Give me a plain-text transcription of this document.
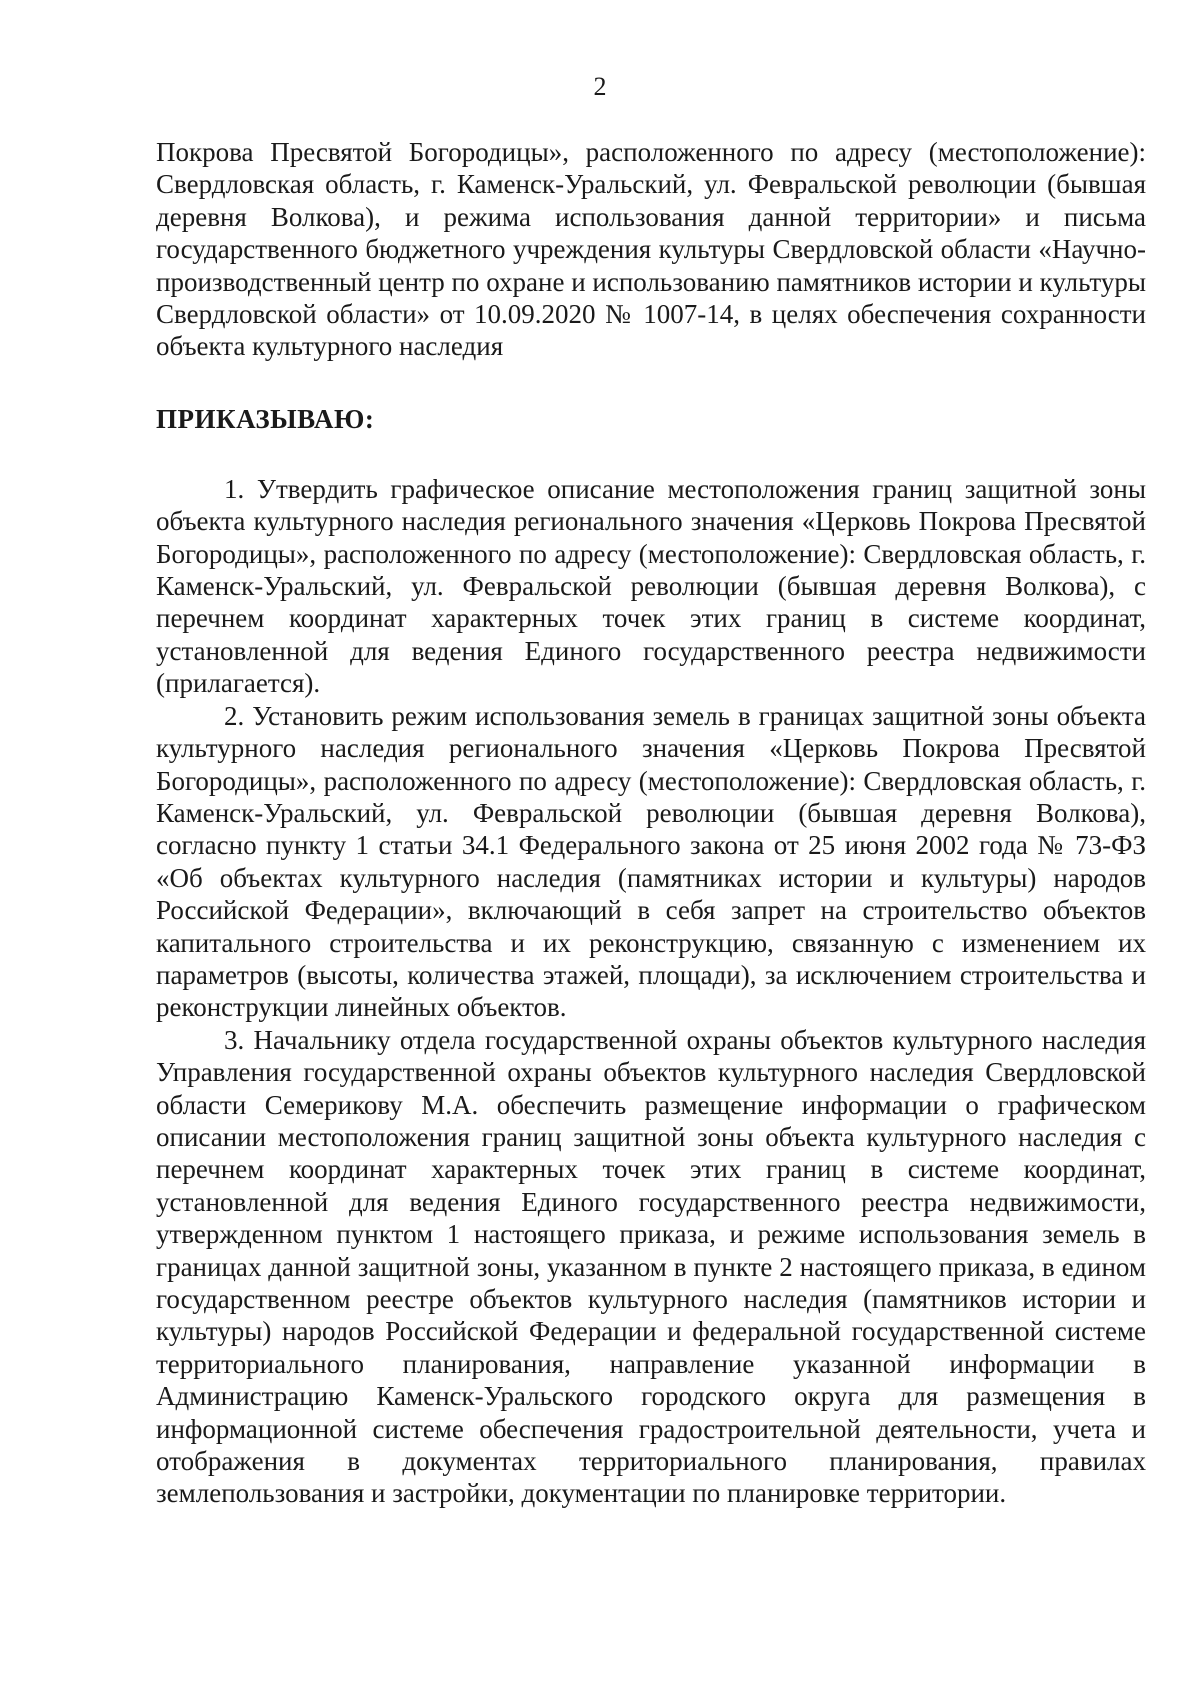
2

Покрова Пресвятой Богородицы», расположенного по адресу (местоположение): Свердловская область, г. Каменск-Уральский, ул. Февральской революции (бывшая деревня Волкова), и режима использования данной территории» и письма государственного бюджетного учреждения культуры Свердловской области «Научно-производственный центр по охране и использованию памятников истории и культуры Свердловской области» от 10.09.2020 № 1007-14, в целях обеспечения сохранности объекта культурного наследия

ПРИКАЗЫВАЮ:

1. Утвердить графическое описание местоположения границ защитной зоны объекта культурного наследия регионального значения «Церковь Покрова Пресвятой Богородицы», расположенного по адресу (местоположение): Свердловская область, г. Каменск-Уральский, ул. Февральской революции (бывшая деревня Волкова), с перечнем координат характерных точек этих границ в системе координат, установленной для ведения Единого государственного реестра недвижимости (прилагается).

2. Установить режим использования земель в границах защитной зоны объекта культурного наследия регионального значения «Церковь Покрова Пресвятой Богородицы», расположенного по адресу (местоположение): Свердловская область, г. Каменск-Уральский, ул. Февральской революции (бывшая деревня Волкова), согласно пункту 1 статьи 34.1 Федерального закона от 25 июня 2002 года № 73-ФЗ «Об объектах культурного наследия (памятниках истории и культуры) народов Российской Федерации», включающий в себя запрет на строительство объектов капитального строительства и их реконструкцию, связанную с изменением их параметров (высоты, количества этажей, площади), за исключением строительства и реконструкции линейных объектов.

3. Начальнику отдела государственной охраны объектов культурного наследия Управления государственной охраны объектов культурного наследия Свердловской области Семерикову М.А. обеспечить размещение информации о графическом описании местоположения границ защитной зоны объекта культурного наследия с перечнем координат характерных точек этих границ в системе координат, установленной для ведения Единого государственного реестра недвижимости, утвержденном пунктом 1 настоящего приказа, и режиме использования земель в границах данной защитной зоны, указанном в пункте 2 настоящего приказа, в едином государственном реестре объектов культурного наследия (памятников истории и культуры) народов Российской Федерации и федеральной государственной системе территориального планирования, направление указанной информации в Администрацию Каменск-Уральского городского округа для размещения в информационной системе обеспечения градостроительной деятельности, учета и отображения в документах территориального планирования, правилах землепользования и застройки, документации по планировке территории.
